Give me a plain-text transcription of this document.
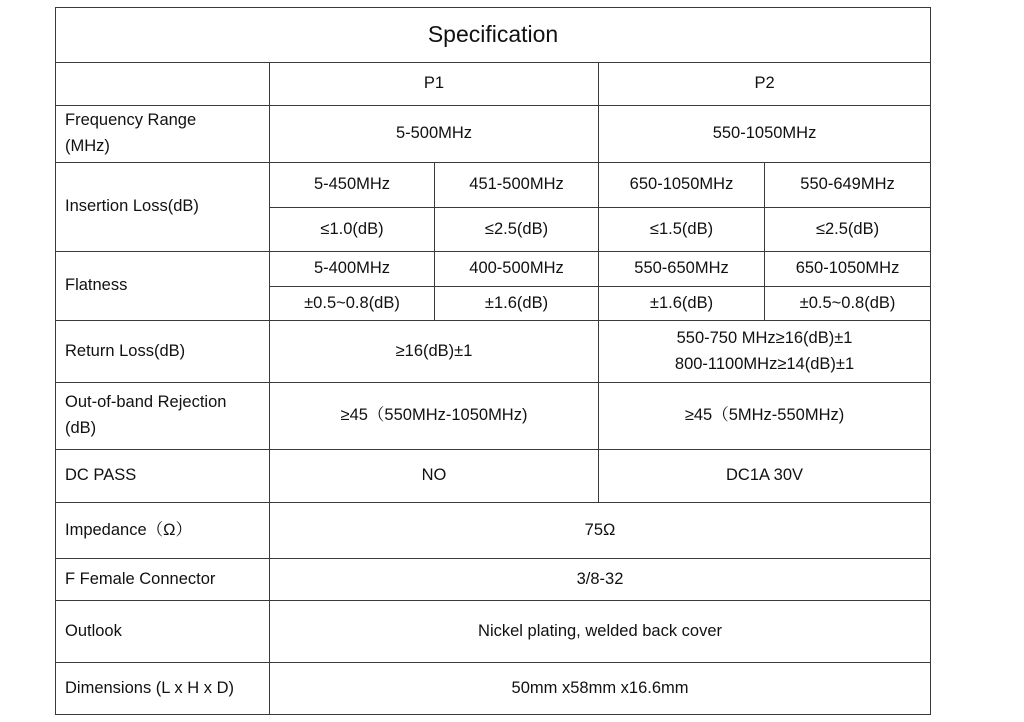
Specification				
	P1		P2	

Frequency Range
(MHz)	5-500MHz		550-1050MHz	
Insertion Loss(dB)	5-450MHz	451-500MHz	650-1050MHz	550-649MHz
	≤1.0(dB)	≤2.5(dB)	≤1.5(dB)	≤2.5(dB)
Flatness	5-400MHz	400-500MHz	550-650MHz	650-1050MHz
	±0.5~0.8(dB)	±1.6(dB)	±1.6(dB)	±0.5~0.8(dB)
Return Loss(dB)	≥16(dB)±1		550-750 MHz≥16(dB)±1
800-1100MHz≥14(dB)±1	

Out-of-band Rejection
(dB)	≥45（550MHz-1050MHz)		≥45（5MHz-550MHz)	
DC PASS	NO		DC1A 30V	
Impedance（Ω）	75Ω			
F Female Connector	3/8-32			
Outlook	Nickel plating, welded back cover			
Dimensions (L x H x D)	50mm x58mm x16.6mm			
